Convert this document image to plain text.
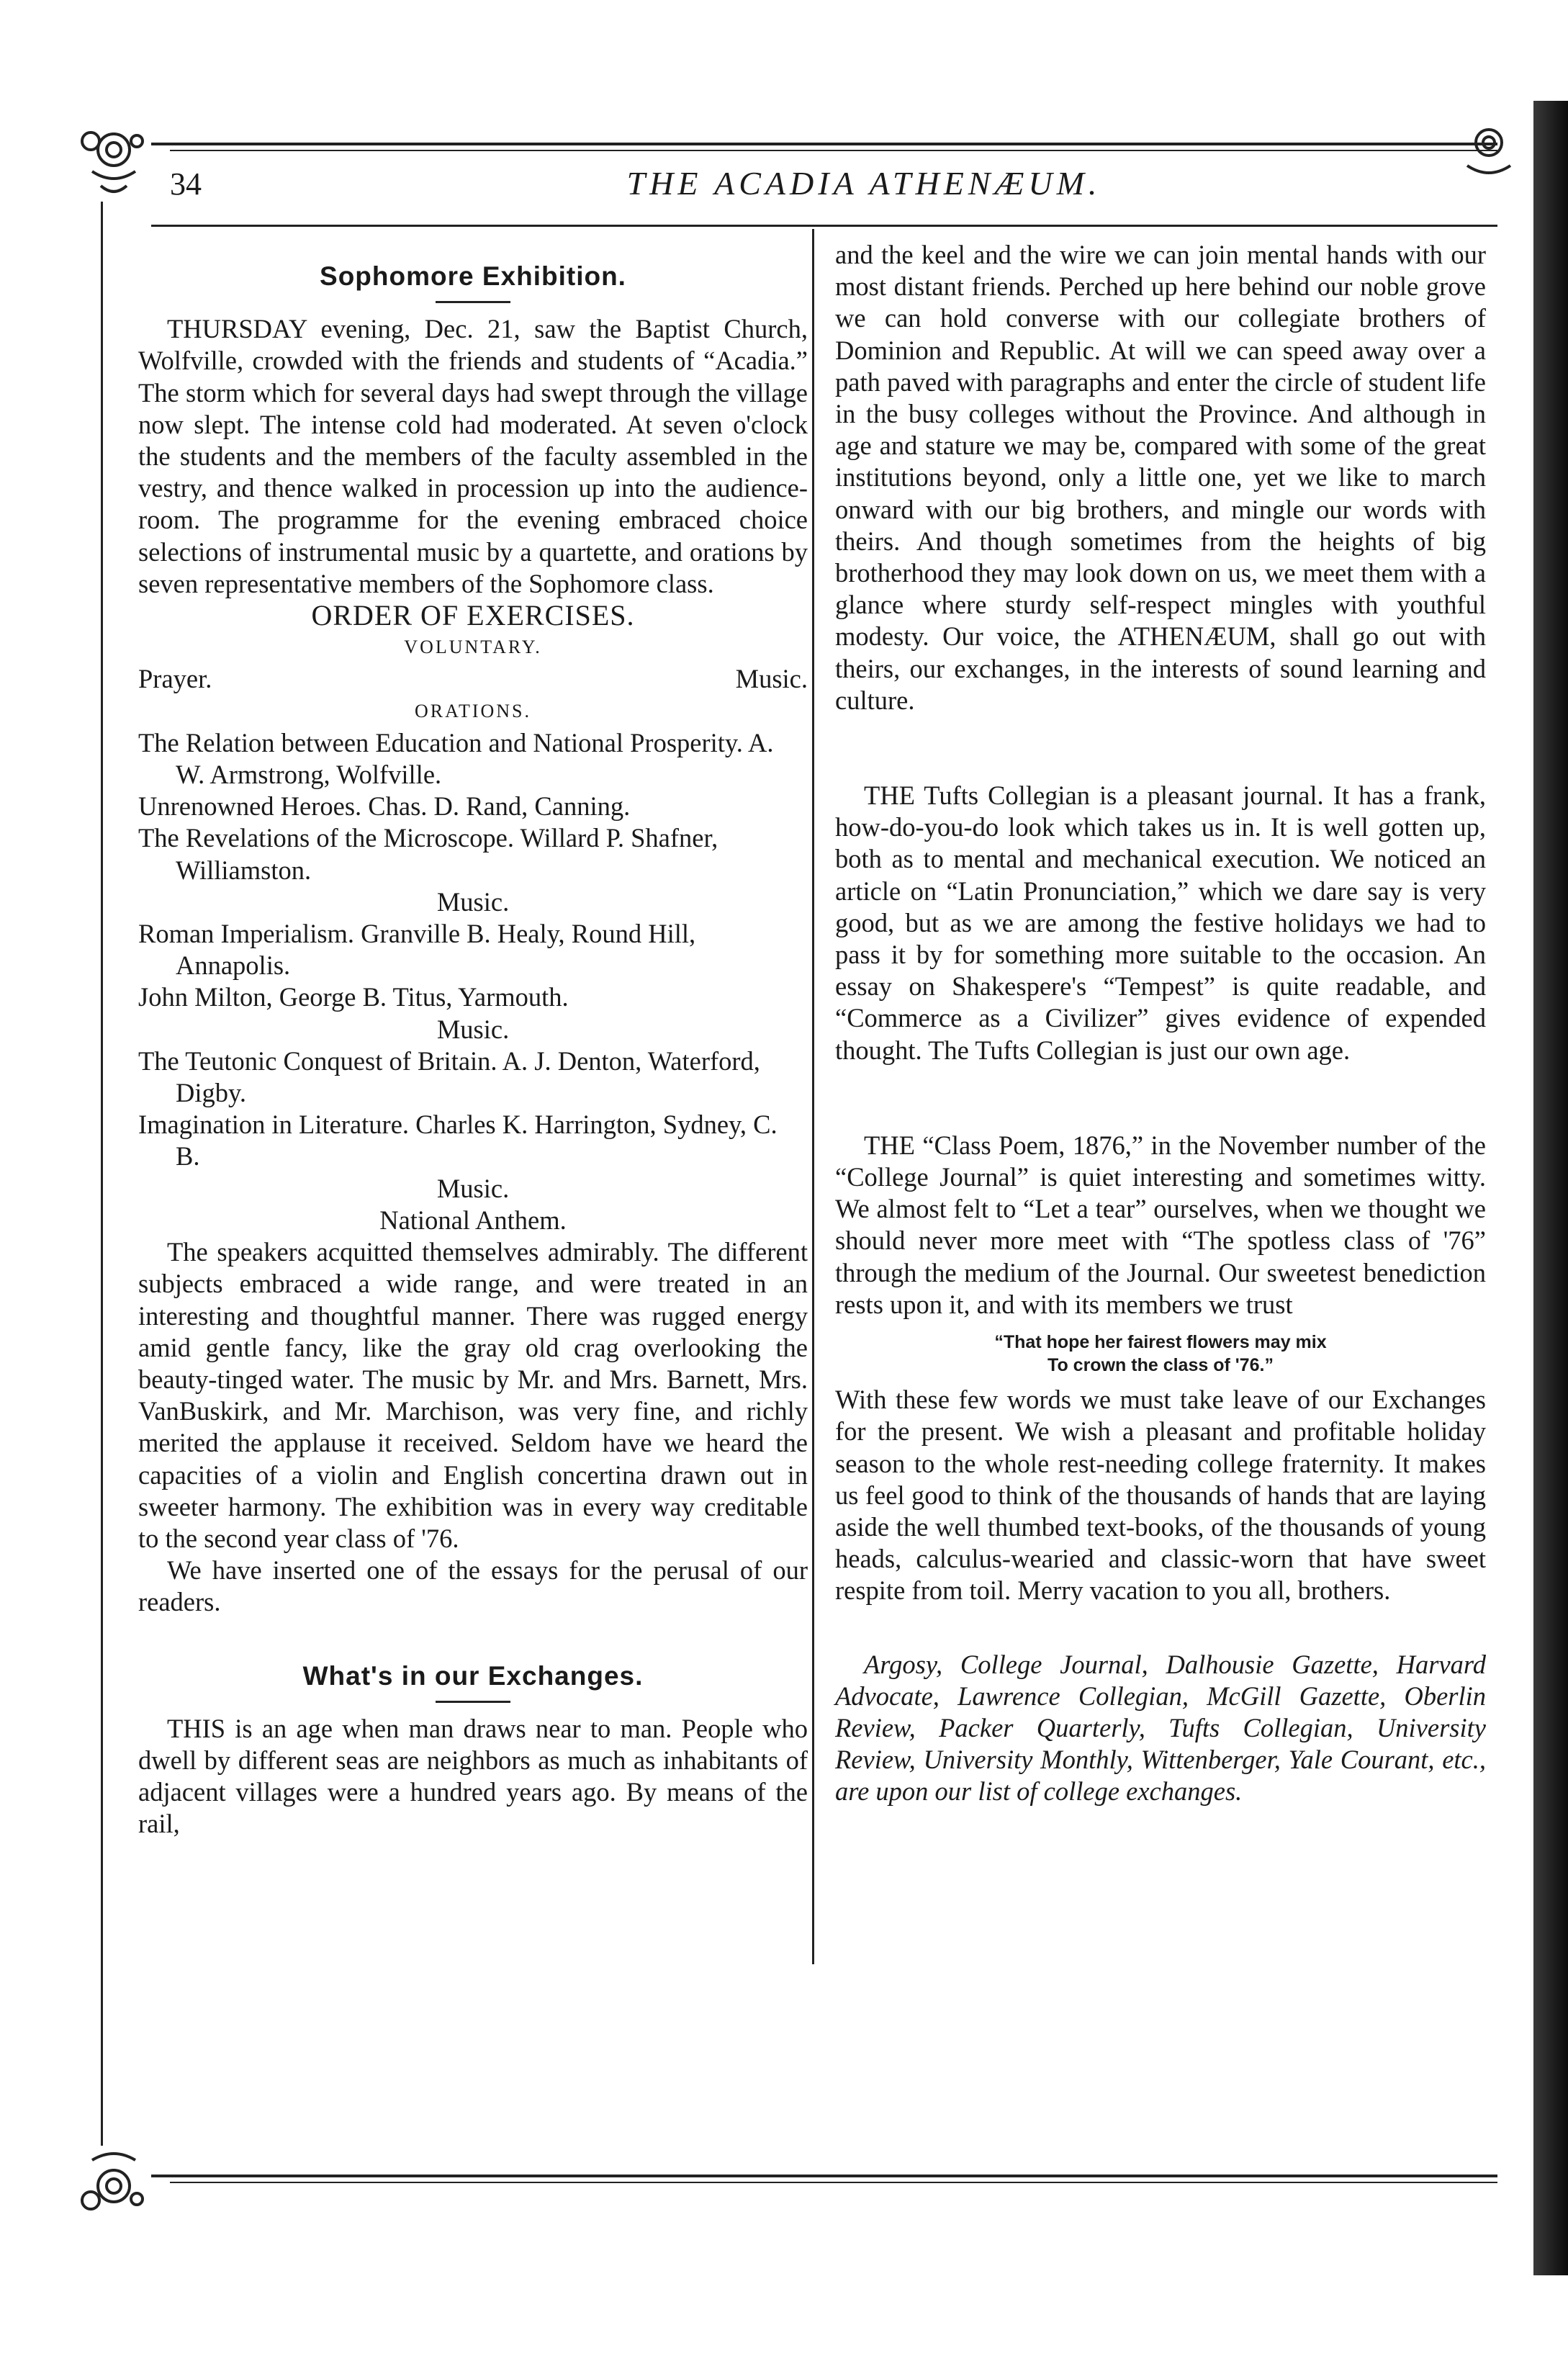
34	THE ACADIA ATHENÆUM.

Sophomore Exhibition.

THURSDAY evening, Dec. 21, saw the Baptist Church, Wolfville, crowded with the friends and students of “Acadia.” The storm which for several days had swept through the village now slept. The intense cold had moderated. At seven o'clock the students and the members of the faculty assembled in the vestry, and thence walked in procession up into the audience-room. The programme for the evening embraced choice selections of instrumental music by a quartette, and orations by seven representative members of the Sophomore class.

ORDER OF EXERCISES.

VOLUNTARY.

Prayer.	Music.

ORATIONS.

The Relation between Education and National Prosperity. A. W. Armstrong, Wolfville.

Unrenowned Heroes. Chas. D. Rand, Canning.

The Revelations of the Microscope. Willard P. Shafner, Williamston.

Music.

Roman Imperialism. Granville B. Healy, Round Hill, Annapolis.

John Milton, George B. Titus, Yarmouth.

Music.

The Teutonic Conquest of Britain. A. J. Denton, Waterford, Digby.

Imagination in Literature. Charles K. Harrington, Sydney, C. B.

Music.

National Anthem.

The speakers acquitted themselves admirably. The different subjects embraced a wide range, and were treated in an interesting and thoughtful manner. There was rugged energy amid gentle fancy, like the gray old crag overlooking the beauty-tinged water. The music by Mr. and Mrs. Barnett, Mrs. VanBuskirk, and Mr. Marchison, was very fine, and richly merited the applause it received. Seldom have we heard the capacities of a violin and English concertina drawn out in sweeter harmony. The exhibition was in every way creditable to the second year class of '76.

We have inserted one of the essays for the perusal of our readers.

What's in our Exchanges.

THIS is an age when man draws near to man. People who dwell by different seas are neighbors as much as inhabitants of adjacent villages were a hundred years ago. By means of the rail,

and the keel and the wire we can join mental hands with our most distant friends. Perched up here behind our noble grove we can hold converse with our collegiate brothers of Dominion and Republic. At will we can speed away over a path paved with paragraphs and enter the circle of student life in the busy colleges without the Province. And although in age and stature we may be, compared with some of the great institutions beyond, only a little one, yet we like to march onward with our big brothers, and mingle our words with theirs. And though sometimes from the heights of big brotherhood they may look down on us, we meet them with a glance where sturdy self-respect mingles with youthful modesty. Our voice, the ATHENÆUM, shall go out with theirs, our exchanges, in the interests of sound learning and culture.

THE Tufts Collegian is a pleasant journal. It has a frank, how-do-you-do look which takes us in. It is well gotten up, both as to mental and mechanical execution. We noticed an article on “Latin Pronunciation,” which we dare say is very good, but as we are among the festive holidays we had to pass it by for something more suitable to the occasion. An essay on Shakespere's “Tempest” is quite readable, and “Commerce as a Civilizer” gives evidence of expended thought. The Tufts Collegian is just our own age.

THE “Class Poem, 1876,” in the November number of the “College Journal” is quiet interesting and sometimes witty. We almost felt to “Let a tear” ourselves, when we thought we should never more meet with “The spotless class of '76” through the medium of the Journal. Our sweetest benediction rests upon it, and with its members we trust

“That hope her fairest flowers may mix
To crown the class of '76.”

With these few words we must take leave of our Exchanges for the present. We wish a pleasant and profitable holiday season to the whole rest-needing college fraternity. It makes us feel good to think of the thousands of hands that are laying aside the well thumbed text-books, of the thousands of young heads, calculus-wearied and classic-worn that have sweet respite from toil. Merry vacation to you all, brothers.

Argosy, College Journal, Dalhousie Gazette, Harvard Advocate, Lawrence Collegian, McGill Gazette, Oberlin Review, Packer Quarterly, Tufts Collegian, University Review, University Monthly, Wittenberger, Yale Courant, etc., are upon our list of college exchanges.
